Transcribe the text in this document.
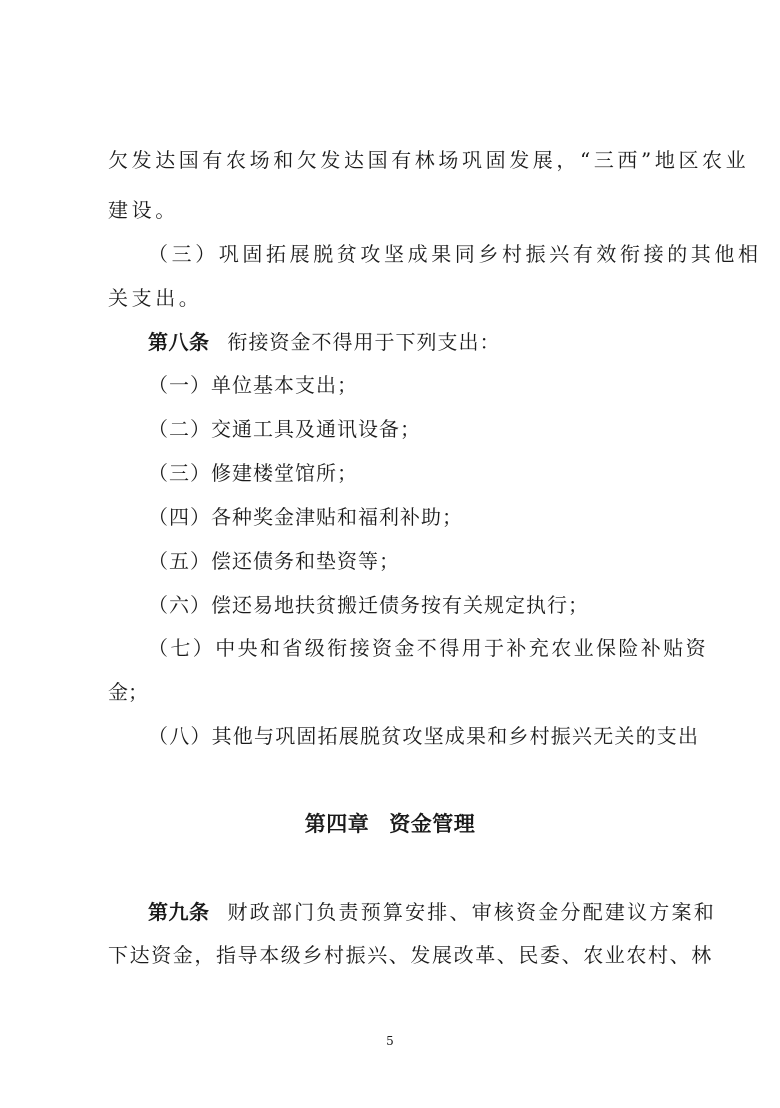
欠发达国有农场和欠发达国有林场巩固发展，“三西”地区农业
建设。
（三）巩固拓展脱贫攻坚成果同乡村振兴有效衔接的其他相
关支出。
第八条 衔接资金不得用于下列支出：
（一）单位基本支出；
（二）交通工具及通讯设备；
（三）修建楼堂馆所；
（四）各种奖金津贴和福利补助；
（五）偿还债务和垫资等；
（六）偿还易地扶贫搬迁债务按有关规定执行；
（七）中央和省级衔接资金不得用于补充农业保险补贴资
金；
（八）其他与巩固拓展脱贫攻坚成果和乡村振兴无关的支出
第四章 资金管理
第九条 财政部门负责预算安排、审核资金分配建议方案和
下达资金，指导本级乡村振兴、发展改革、民委、农业农村、林
5
